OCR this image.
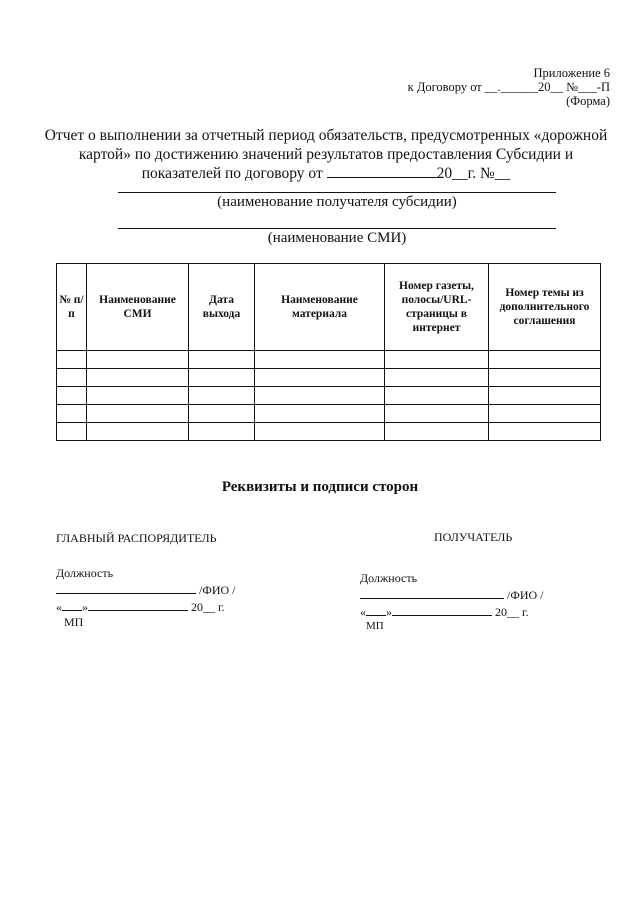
Приложение 6
к Договору от __.______20__ №___-П
(Форма)
Отчет о выполнении за отчетный период обязательств, предусмотренных «дорожной
картой» по достижению значений результатов предоставления Субсидии и
показателей по договору от	20__г. №__
(наименование получателя субсидии)
(наименование СМИ)
№ п/п	Наименование СМИ	Дата выхода	Наименование материала	Номер газеты, полосы/URL-страницы в интернет	Номер темы из дополнительного соглашения

Реквизиты и подписи сторон
ГЛАВНЫЙ РАСПОРЯДИТЕЛЬ
Должность
/ФИО /
« »	20__ г.
МП
ПОЛУЧАТЕЛЬ
Должность
/ФИО /
« »	20__ г.
МП
